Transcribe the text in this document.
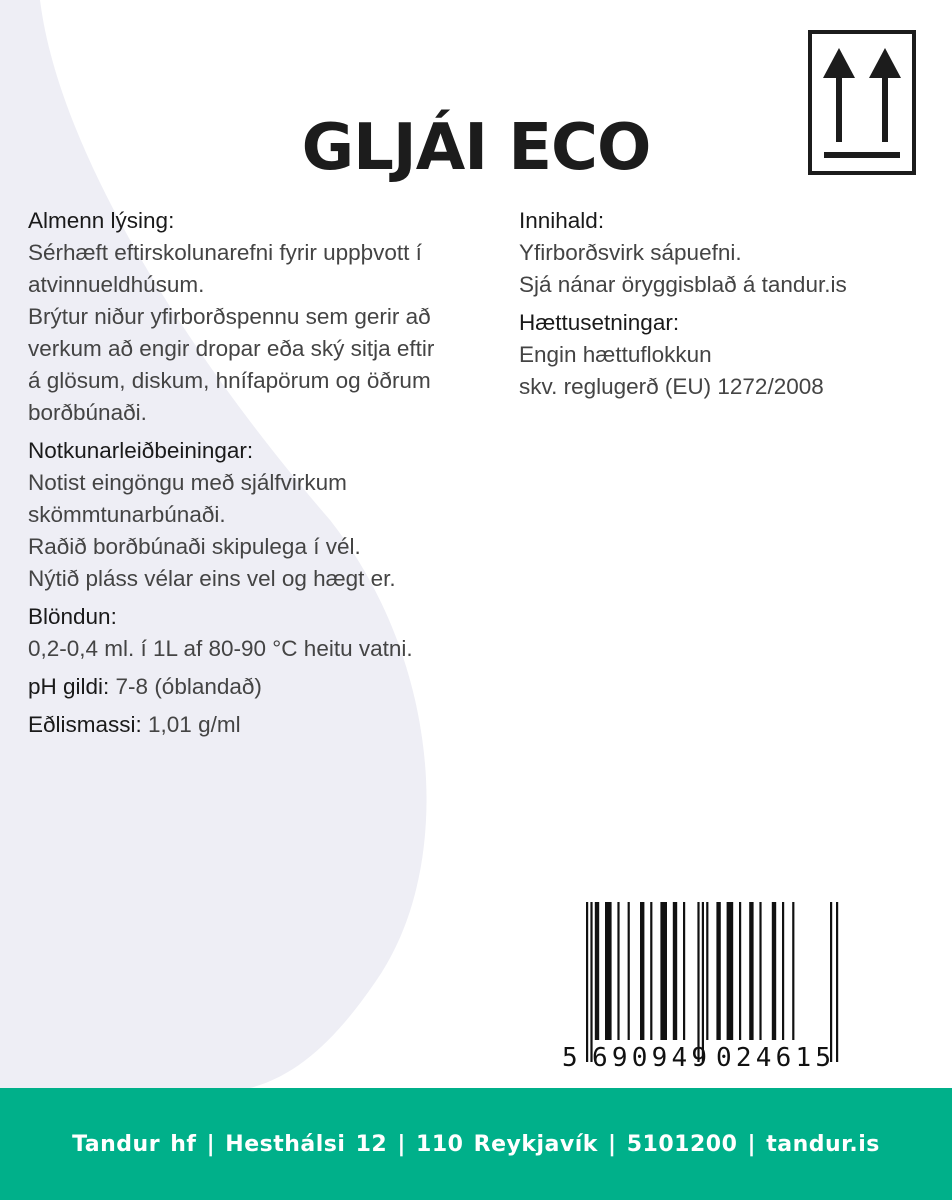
GLJÁI ECO
Almenn lýsing:
Sérhæft eftirskolunarefni fyrir uppþvott í
atvinnueldhúsum.
Brýtur niður yfirborðspennu sem gerir að
verkum að engir dropar eða ský sitja eftir
á glösum, diskum, hnífapörum og öðrum
borðbúnaði.
Notkunarleiðbeiningar:
Notist eingöngu með sjálfvirkum
skömmtunarbúnaði.
Raðið borðbúnaði skipulega í vél.
Nýtið pláss vélar eins vel og hægt er.
Blöndun:
0,2-0,4 ml. í 1L af 80-90 °C heitu vatni.
pH gildi: 7-8 (óblandað)
Eðlismassi: 1,01 g/ml
Innihald:
Yfirborðsvirk sápuefni.
Sjá nánar öryggisblað á tandur.is
Hættusetningar:
Engin hættuflokkun
skv. reglugerð (EU) 1272/2008
5 690949 024615
Tandur hf | Hesthálsi 12 | 110 Reykjavík | 5101200 | tandur.is
